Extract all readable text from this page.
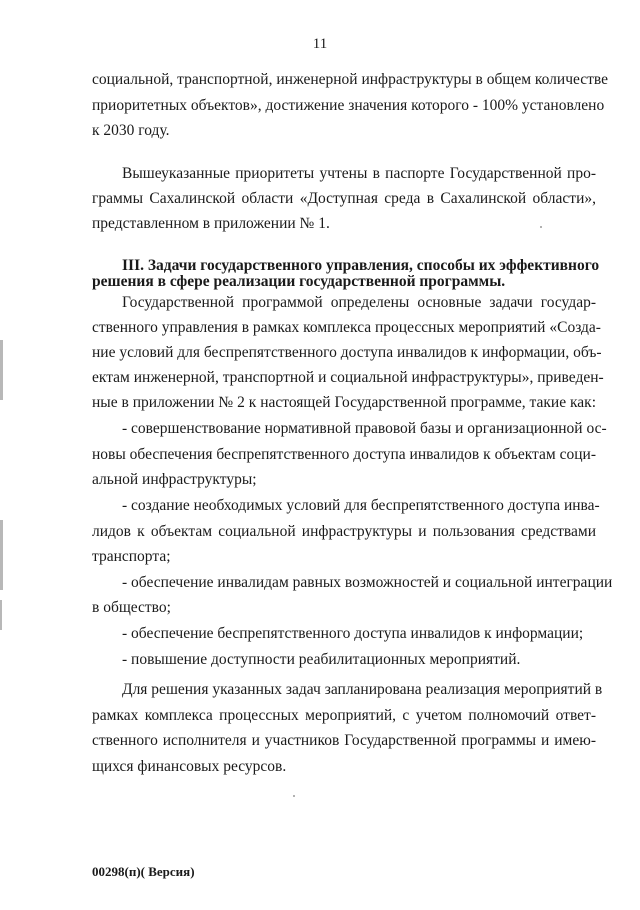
11
социальной, транспортной, инженерной инфраструктуры в общем количестве
приоритетных объектов», достижение значения которого - 100% установлено
к 2030 году.
Вышеуказанные приоритеты учтены в паспорте Государственной про-
граммы Сахалинской области «Доступная среда в Сахалинской области»,
представленном в приложении № 1.
III. Задачи государственного управления, способы их эффективного
решения в сфере реализации государственной программы.
Государственной программой определены основные задачи государ-
ственного управления в рамках комплекса процессных мероприятий «Созда-
ние условий для беспрепятственного доступа инвалидов к информации, объ-
ектам инженерной, транспортной и социальной инфраструктуры», приведен-
ные в приложении № 2 к настоящей Государственной программе, такие как:
- совершенствование нормативной правовой базы и организационной ос-
новы обеспечения беспрепятственного доступа инвалидов к объектам соци-
альной инфраструктуры;
- создание необходимых условий для беспрепятственного доступа инва-
лидов к объектам социальной инфраструктуры и пользования средствами
транспорта;
- обеспечение инвалидам равных возможностей и социальной интеграции
в общество;
- обеспечение беспрепятственного доступа инвалидов к информации;
- повышение доступности реабилитационных мероприятий.
Для решения указанных задач запланирована реализация мероприятий в
рамках комплекса процессных мероприятий, с учетом полномочий ответ-
ственного исполнителя и участников Государственной программы и имею-
щихся финансовых ресурсов.
00298(п)( Версия)
